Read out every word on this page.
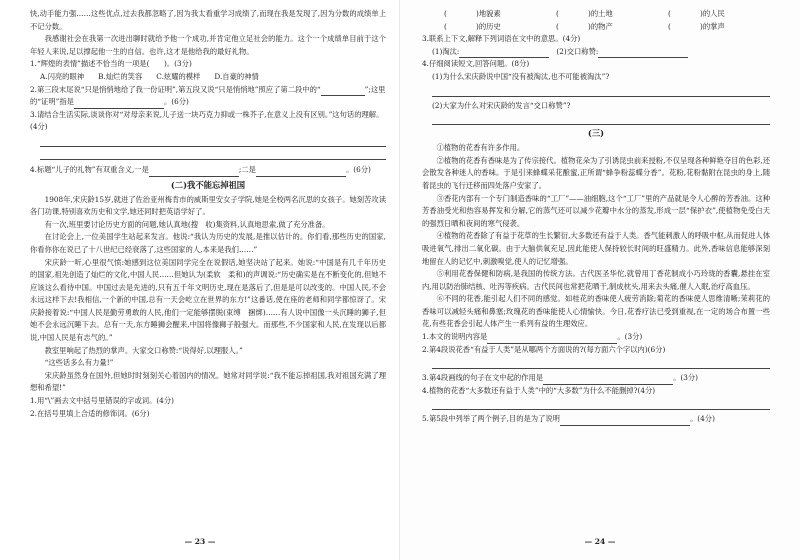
快,动手能力强……这些优点,过去我都忽略了,因为我太看重学习成绩了,而现在我是发现了,因为分数的成绩单上不记分数。

我感谢社会在我第一次进出聊时就给予他一个成功,并肯定他立足社会的能力。这个一个成绩单目前于这个年轻人来说,足以撑起他一生的自信。也许,这才是他给我的最好礼物。

1.“辉煌的表情”描述不恰当的一项是(　　)。(3分)

A.闪亮的眼神 B.灿烂的笑容 C.炫耀的模样 D.自豪的神情

2.第三段末尾说“只是悄悄地给了我一份证明”,第五段又说“只是悄悄地”照应了第二段中的“	”;这里的“证明”指是	。(6分)

3.请结合生活实际,谈谈你对“对母亲来说,儿子送一块巧克力抑或一株芥子,在意义上没有区别。”这句话的理解。(4分)

4.标题“儿子的礼物”有双重含义,一是	;二是	。(6分)

(二)我不能忘掉祖国

1908年,宋庆龄15岁,就进了佐治亚州梅肯市的威斯里安女子学院,她是全校两名沉思的女孩子。她刻苦攻读各门功课,特别喜欢历史和文学,她还同时把英语学好了。

有一次,班里要讨论历史方面的问题,她认真地(搜　收)集资料,认真地思索,做了充分准备。

在讨论会上,一位美国学生站起来发言。他说:“我认为历史的发展,是推以估计的。你们看,那些历史的国家,你看你你在说已了十八世纪已经衰落了,这些国家的人,本来是我们……”

宋庆龄一听,心里很气愤:她感到这位美国同学完全在说假话,她坚决站了起来。她说:“中国是有几千年历史的国家,祖先创造了灿烂的文化,中国人民……但她认为(柔软　柔和)的声调说:“历史确实是在不断变化的,但她不应该这么看待中国。中国过去是先进的,只有五千年文明历史,现在是落后了,但是是可以改变的。中国人民,不会永远这样下去!我相信,一个新的中国,总有一天会屹立在世界的东方!”这番话,使在座的老师和同学都惊讶了。宋庆龄接着说:“中国人民是勤劳勇敢的人民,他们一定能够摆脱(束缚　捆绑)……有人说中国像一头沉睡的狮子,但她不会永远沉睡下去。总有一天,东方睡狮会醒来,中国将像狮子般强大。而那些,不少国家和人民,在发现以后都说,中国人民是有志气的。”

教室里响起了热烈的掌声。大家交口称赞:“说得好,以理服人。”

“这些话多么有力量!”

宋庆龄虽然身在国外,但她时时刻刻关心着国内的情况。她常对同学说:“我不能忘掉祖国,我对祖国充满了理想和希望!”

1.用“\”画去文中括号里错误的字或词。(4分)

2.在括号里填上合适的修饰词。(6分)

— 23 —
(　　　　)地貌素	(　　　　)的土地	(　　　　)的人民
(　　　　)的历史	(　　　　)的物产	(　　　　)的掌声

3.联系上下文,解释下列词语在文中的意思。(4分)

(1)淘汰:	(2)交口称赞:

4.仔细阅读短文,回答问题。(8分)

(1)为什么宋庆龄说中国“没有被淘汰,也不可能被淘汰”?

(2)大家为什么对宋庆龄的发言“交口称赞”?

(三)

①植物的花香有许多作用。

②植物的花香有香味是为了传宗接代。植物花朵为了引诱昆虫前来授粉,不仅呈现各种鲜艳夺目的色彩,还会散发各种迷人的香味。于是引来蜂蝶采花酿蜜,正所谓“蜂争粉蕊蝶分香”。花粉,花粉黏附在昆虫的身上,随着昆虫的飞行迁移而四处落户安家了。

③香花内部有一个专门制造香味的“工厂”——油细胞,这个“工厂”里的产品就是令人心醉的芳香油。这种芳香油受光和热容易挥发和分解,它的蒸气还可以减少花瓣中水分的蒸发,形成一层“保护衣”,使植物免受白天的强烈日晒和夜间的寒气侵袭。

④植物的花香除了有益于花草的生长繁衍,大多数还有益于人类。香气能刺激人的呼吸中枢,从而促进人体吸进氧气,排出二氧化碳。由于大脑供氧充足,因此能使人保持较长时间的旺盛精力。此外,香味信息能够深刻地留在人的记忆中,刺激嗅觉,使人的记忆增强。

⑤利用花香保健和防病,是我国的传统方法。古代医圣华佗,就曾用丁香花制成小巧玲珑的香囊,悬挂在室内,用以防治肺结核、吐泻等疾病。古代民间也常把花晒干,制成枕头,用来去头痛,催人入眠,治疗高血压。

⑥不同的花香,能引起人们不同的感觉。如桂花的香味使人疲劳消除;菊花的香味使人思维清晰;茉莉花的香味可以减轻头痛和鼻塞;玫瑰花的香味能使人心情愉快。今日,花香疗法已受到重视,在一定的场合布置一些花,有些花香会引起人体产生一系列有益的生理效应。

1.本文的说明内容是	。(3分)

2.第4段说花香“有益于人类”是从哪两个方面说的?(每方面六个字以内)(6分)

3.第4段画线的句子在文中起的作用是	。(3分)

4.植物的花香“大多数还有益于人类”中的“大多数”为什么不能删掉?(4分)

5.第5段中列举了两个例子,目的是为了说明	。(4分)

— 24 —
